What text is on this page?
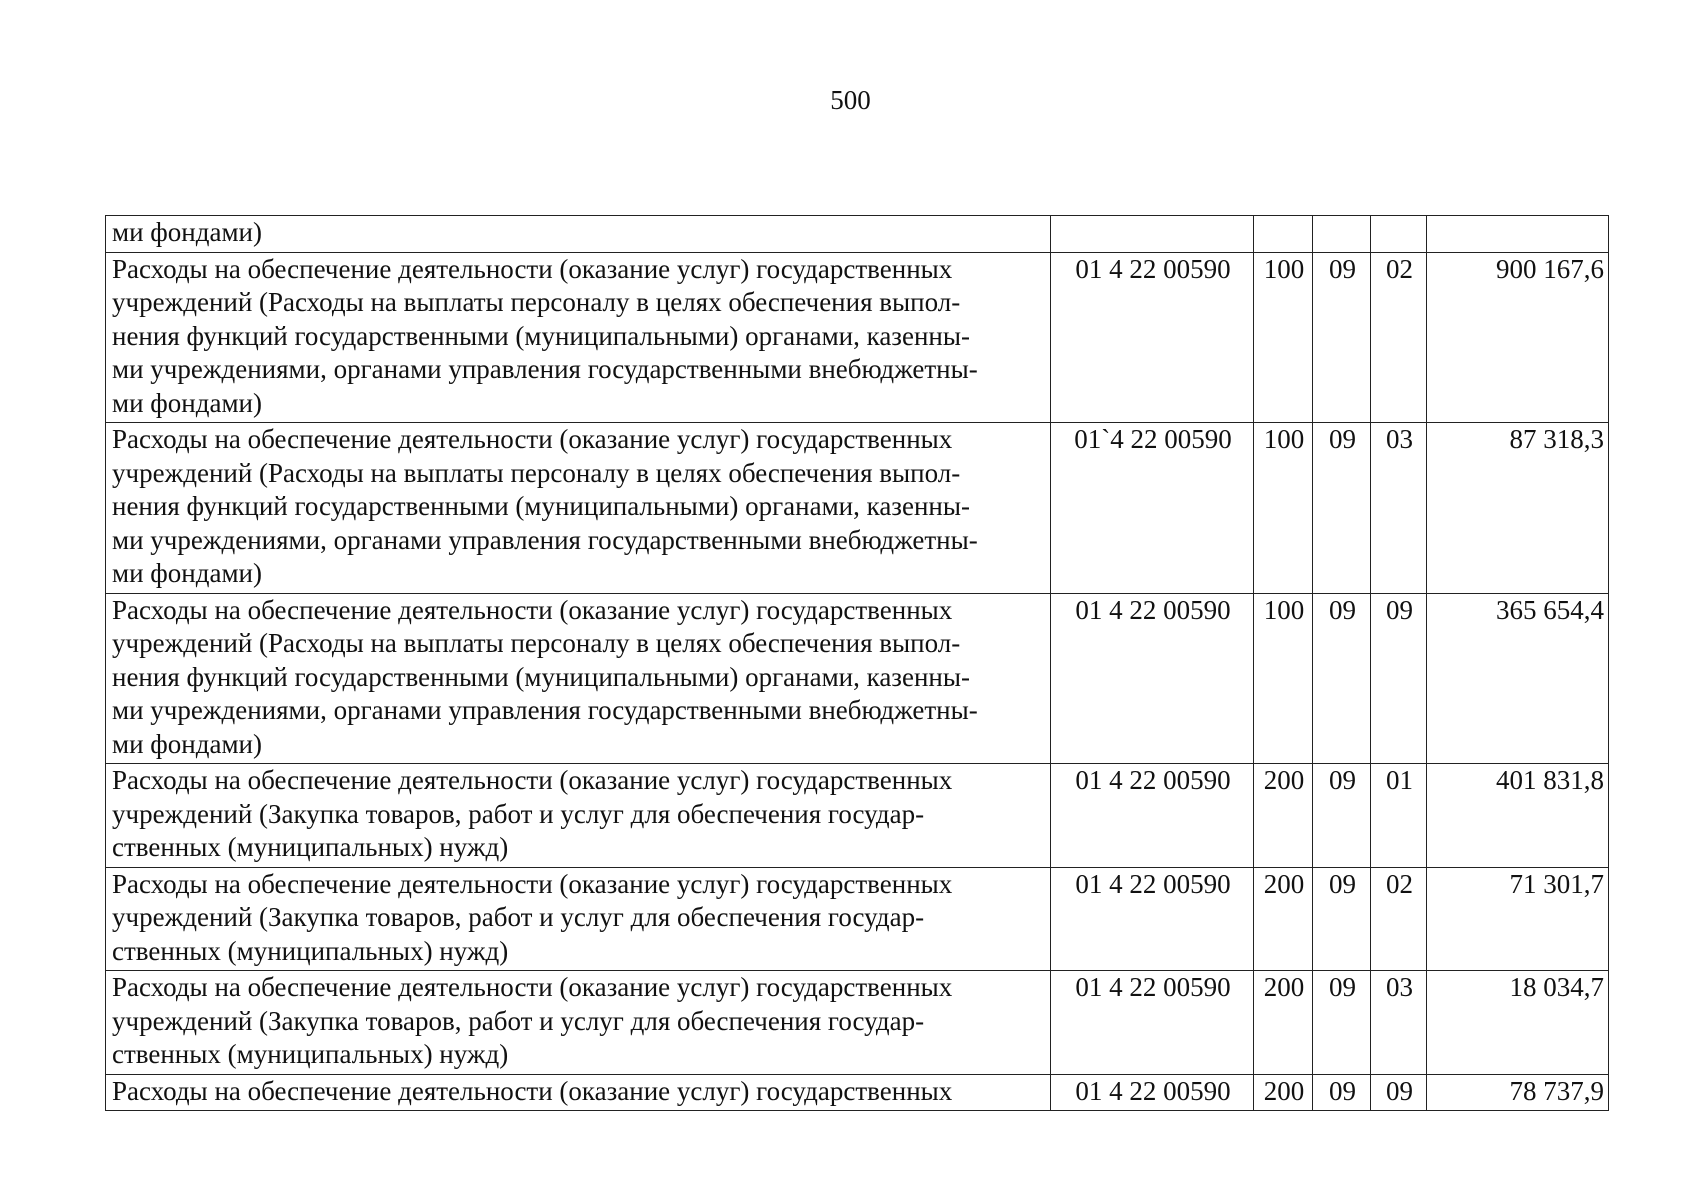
500
ми фондами)					
Расходы на обеспечение деятельности (оказание услуг) государственных
учреждений (Расходы на выплаты персоналу в целях обеспечения выпол-
нения функций государственными (муниципальными) органами, казенны-
ми учреждениями, органами управления государственными внебюджетны-
ми фондами)	01 4 22 00590	100	09	02	900 167,6
Расходы на обеспечение деятельности (оказание услуг) государственных
учреждений (Расходы на выплаты персоналу в целях обеспечения выпол-
нения функций государственными (муниципальными) органами, казенны-
ми учреждениями, органами управления государственными внебюджетны-
ми фондами)	01`4 22 00590	100	09	03	87 318,3
Расходы на обеспечение деятельности (оказание услуг) государственных
учреждений (Расходы на выплаты персоналу в целях обеспечения выпол-
нения функций государственными (муниципальными) органами, казенны-
ми учреждениями, органами управления государственными внебюджетны-
ми фондами)	01 4 22 00590	100	09	09	365 654,4
Расходы на обеспечение деятельности (оказание услуг) государственных
учреждений (Закупка товаров, работ и услуг для обеспечения государ-
ственных (муниципальных) нужд)	01 4 22 00590	200	09	01	401 831,8
Расходы на обеспечение деятельности (оказание услуг) государственных
учреждений (Закупка товаров, работ и услуг для обеспечения государ-
ственных (муниципальных) нужд)	01 4 22 00590	200	09	02	71 301,7
Расходы на обеспечение деятельности (оказание услуг) государственных
учреждений (Закупка товаров, работ и услуг для обеспечения государ-
ственных (муниципальных) нужд)	01 4 22 00590	200	09	03	18 034,7
Расходы на обеспечение деятельности (оказание услуг) государственных	01 4 22 00590	200	09	09	78 737,9
